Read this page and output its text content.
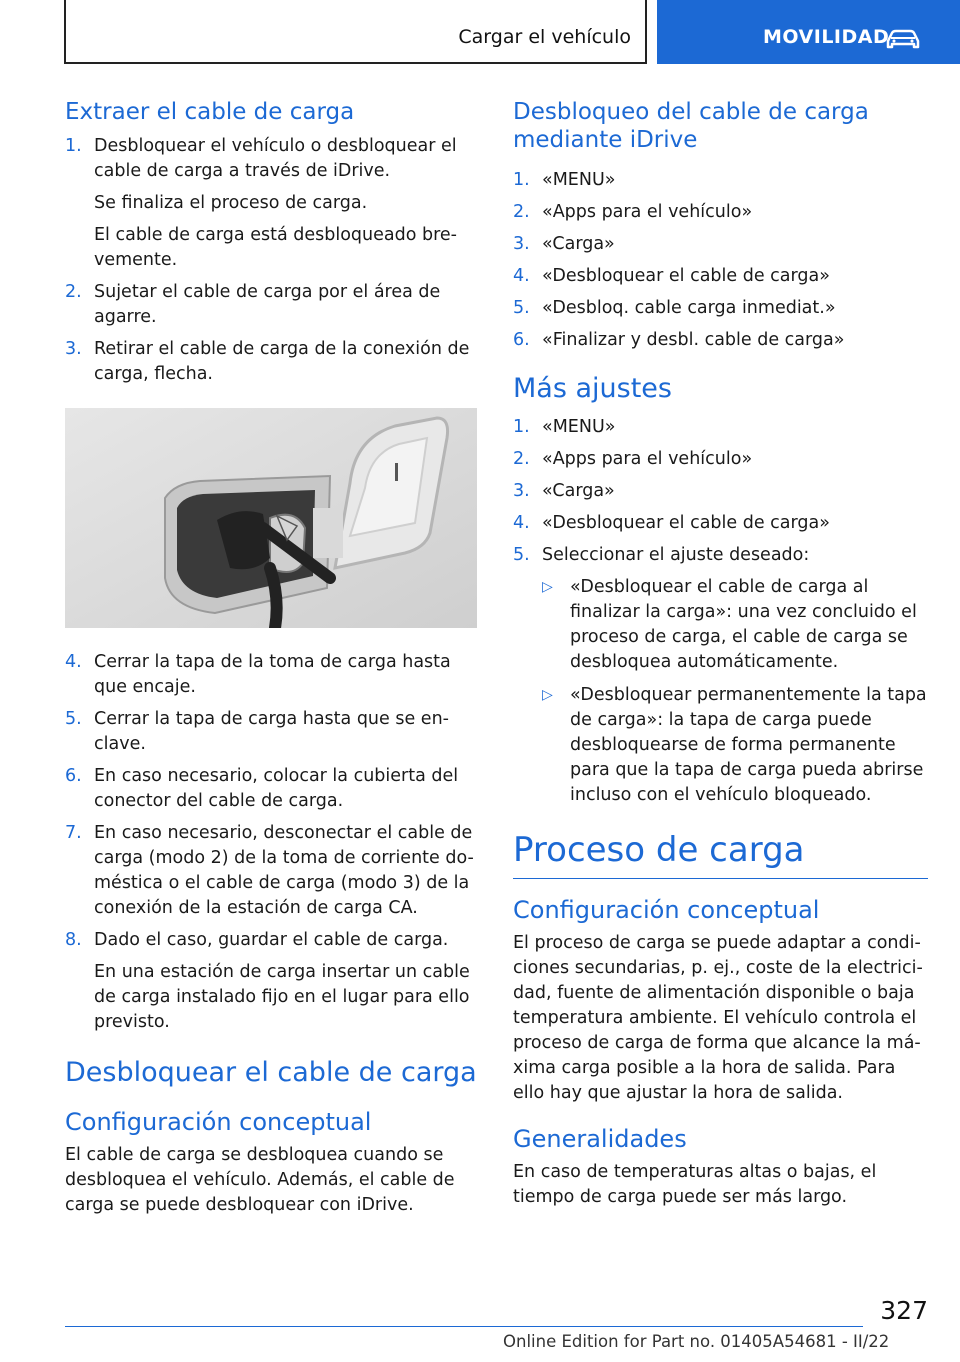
Cargar el vehículo	MOVILIDAD
Extraer el cable de carga
1. Desbloquear el vehículo o desbloquear el cable de carga a través de iDrive.
Se finaliza el proceso de carga.
El cable de carga está desbloqueado bre-vemente.
2. Sujetar el cable de carga por el área de agarre.
3. Retirar el cable de carga de la conexión de carga, flecha.
4. Cerrar la tapa de la toma de carga hasta que encaje.
5. Cerrar la tapa de carga hasta que se en-clave.
6. En caso necesario, colocar la cubierta del conector del cable de carga.
7. En caso necesario, desconectar el cable de carga (modo 2) de la toma de corriente do-méstica o el cable de carga (modo 3) de la conexión de la estación de carga CA.
8. Dado el caso, guardar el cable de carga.
En una estación de carga insertar un cable de carga instalado fijo en el lugar para ello previsto.
Desbloquear el cable de carga
Configuración conceptual

El cable de carga se desbloquea cuando se desbloquea el vehículo. Además, el cable de carga se puede desbloquear con iDrive.

Desbloqueo del cable de carga mediante iDrive
1. «MENU»
2. «Apps para el vehículo»
3. «Carga»
4. «Desbloquear el cable de carga»
5. «Desbloq. cable carga inmediat.»
6. «Finalizar y desbl. cable de carga»
Más ajustes
1. «MENU»
2. «Apps para el vehículo»
3. «Carga»
4. «Desbloquear el cable de carga»
5. Seleccionar el ajuste deseado:
▷ «Desbloquear el cable de carga al finalizar la carga»: una vez concluido el proceso de carga, el cable de carga se desbloquea automáticamente.
▷ «Desbloquear permanentemente la tapa de carga»: la tapa de carga puede desbloquearse de forma permanente para que la tapa de carga pueda abrirse incluso con el vehículo bloqueado.
Proceso de carga
Configuración conceptual

El proceso de carga se puede adaptar a condi-ciones secundarias, p. ej., coste de la electrici-dad, fuente de alimentación disponible o baja temperatura ambiente. El vehículo controla el proceso de carga de forma que alcance la má-xima carga posible a la hora de salida. Para ello hay que ajustar la hora de salida.

Generalidades

En caso de temperaturas altas o bajas, el tiempo de carga puede ser más largo.

327
Online Edition for Part no. 01405A54681 - II/22
